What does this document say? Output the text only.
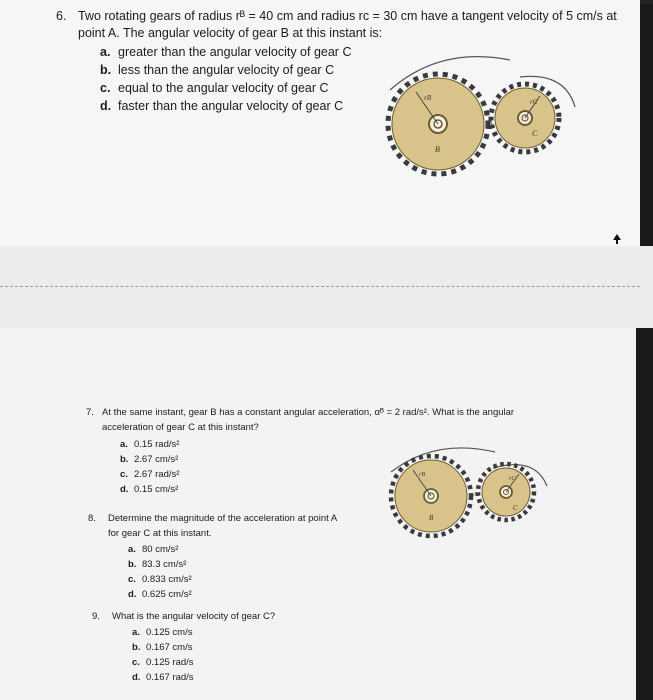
6. Two rotating gears of radius rᴮ = 40 cm and radius rᴄ = 30 cm have a tangent velocity of 5 cm/s at
point A. The angular velocity of gear B at this instant is:
a. greater than the angular velocity of gear C
b. less than the angular velocity of gear C
c. equal to the angular velocity of gear C
d. faster than the angular velocity of gear C
rB	rC
B
C
A
7. At the same instant, gear B has a constant angular acceleration, αᴮ = 2 rad/s². What is the angular
acceleration of gear C at this instant?
a. 0.15 rad/s²
b. 2.67 cm/s²
c. 2.67 rad/s²
d. 0.15 cm/s²
8. Determine the magnitude of the acceleration at point A
for gear C at this instant.
a. 80 cm/s²
b. 83.3 cm/s²
c. 0.833 cm/s²
d. 0.625 cm/s²
9. What is the angular velocity of gear C?
a. 0.125 cm/s
b. 0.167 cm/s
c. 0.125 rad/s
d. 0.167 rad/s
rB
rC
B
C
A
